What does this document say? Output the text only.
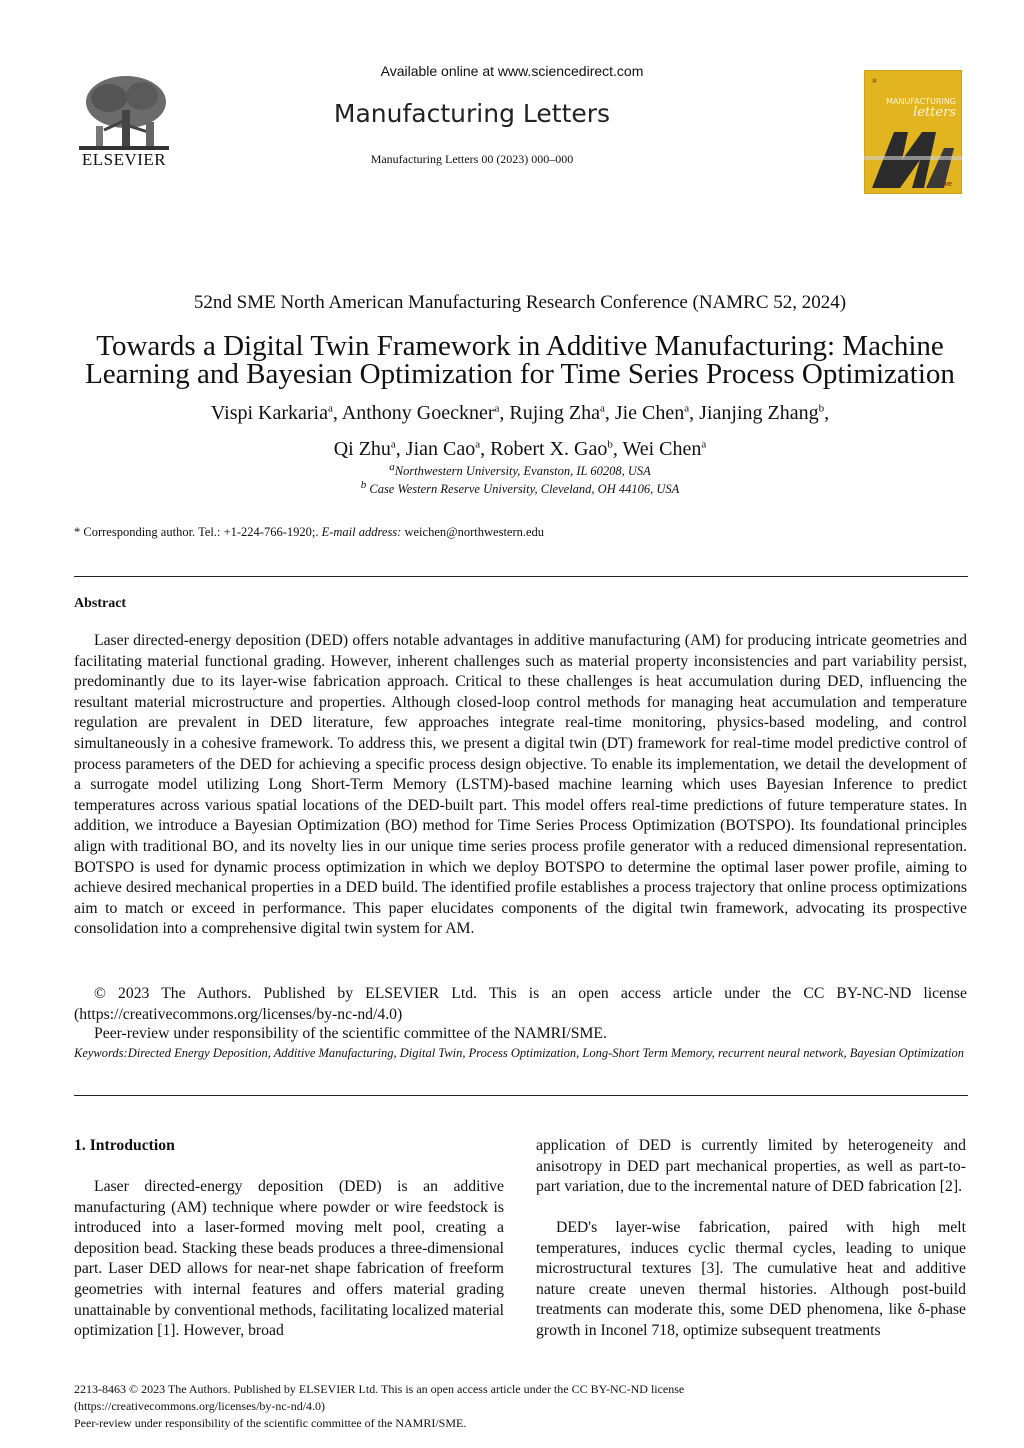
ELSEVIER
Available online at www.sciencedirect.com
Manufacturing Letters
Manufacturing Letters 00 (2023) 000–000
▦
MANUFACTURING
letters
SME
52nd SME North American Manufacturing Research Conference (NAMRC 52, 2024)
Towards a Digital Twin Framework in Additive Manufacturing: Machine
Learning and Bayesian Optimization for Time Series Process Optimization
Vispi Karkaria$^a$, Anthony Goeckner$^a$, Rujing Zha$^a$, Jie Chen$^a$, Jianjing Zhang$^b$,
Qi Zhu$^a$, Jian Cao$^a$, Robert X. Gao$^b$, Wei Chen$^a$
$^a$Northwestern University, Evanston, IL 60208, USA
$^b$ Case Western Reserve University, Cleveland, OH 44106, USA
* Corresponding author. Tel.: +1-224-766-1920;. E-mail address: weichen@northwestern.edu
Abstract

Laser directed-energy deposition (DED) offers notable advantages in additive manufacturing (AM) for producing intricate geometries and facilitating material functional grading. However, inherent challenges such as material property inconsistencies and part variability persist, predominantly due to its layer-wise fabrication approach. Critical to these challenges is heat accumulation during DED, influencing the resultant material microstructure and properties. Although closed-loop control methods for managing heat accumulation and temperature regulation are prevalent in DED literature, few approaches integrate real-time monitoring, physics-based modeling, and control simultaneously in a cohesive framework. To address this, we present a digital twin (DT) framework for real-time model predictive control of process parameters of the DED for achieving a specific process design objective. To enable its implementation, we detail the development of a surrogate model utilizing Long Short-Term Memory (LSTM)-based machine learning which uses Bayesian Inference to predict temperatures across various spatial locations of the DED-built part. This model offers real-time predictions of future temperature states. In addition, we introduce a Bayesian Optimization (BO) method for Time Series Process Optimization (BOTSPO). Its foundational principles align with traditional BO, and its novelty lies in our unique time series process profile generator with a reduced dimensional representation. BOTSPO is used for dynamic process optimization in which we deploy BOTSPO to determine the optimal laser power profile, aiming to achieve desired mechanical properties in a DED build. The identified profile establishes a process trajectory that online process optimizations aim to match or exceed in performance. This paper elucidates components of the digital twin framework, advocating its prospective consolidation into a comprehensive digital twin system for AM.

© 2023 The Authors. Published by ELSEVIER Ltd. This is an open access article under the CC BY-NC-ND license (https://creativecommons.org/licenses/by-nc-nd/4.0)

Peer-review under responsibility of the scientific committee of the NAMRI/SME.
Keywords:Directed Energy Deposition, Additive Manufacturing, Digital Twin, Process Optimization, Long-Short Term Memory, recurrent neural network, Bayesian Optimization
1. Introduction

Laser directed-energy deposition (DED) is an additive manufacturing (AM) technique where powder or wire feedstock is introduced into a laser-formed moving melt pool, creating a deposition bead. Stacking these beads produces a three-dimensional part. Laser DED allows for near-net shape fabrication of freeform geometries with internal features and offers material grading unattainable by conventional methods, facilitating localized material optimization [1]. However, broad

application of DED is currently limited by heterogeneity and anisotropy in DED part mechanical properties, as well as part-to-part variation, due to the incremental nature of DED fabrication [2].

DED's layer-wise fabrication, paired with high melt temperatures, induces cyclic thermal cycles, leading to unique microstructural textures [3]. The cumulative heat and additive nature create uneven thermal histories. Although post-build treatments can moderate this, some DED phenomena, like δ-phase growth in Inconel 718, optimize subsequent treatments

2213-8463 © 2023 The Authors. Published by ELSEVIER Ltd. This is an open access article under the CC BY-NC-ND license
(https://creativecommons.org/licenses/by-nc-nd/4.0)
Peer-review under responsibility of the scientific committee of the NAMRI/SME.
